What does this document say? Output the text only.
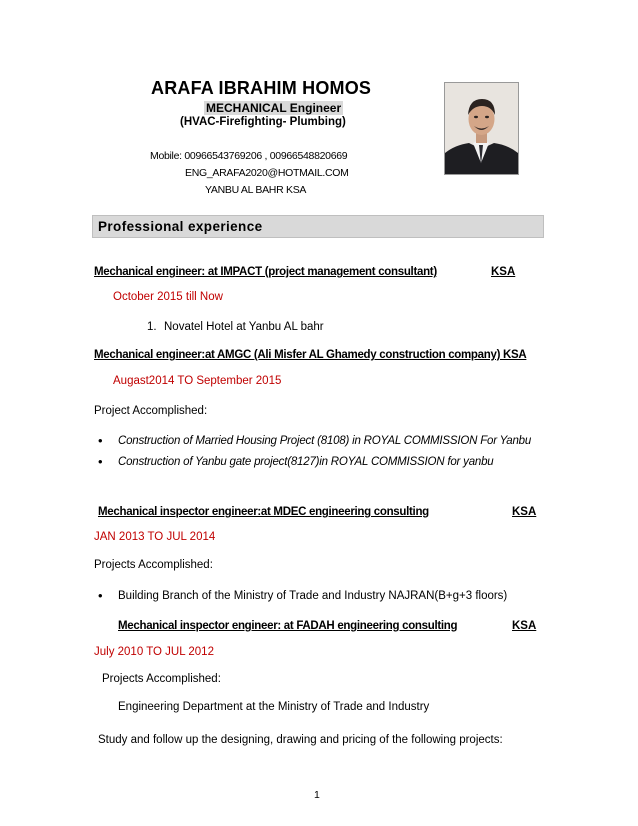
ARAFA IBRAHIM HOMOS
MECHANICAL Engineer
(HVAC-Firefighting- Plumbing)
Mobile: 00966543769206 , 00966548820669
ENG_ARAFA2020@HOTMAIL.COM
YANBU AL BAHR KSA
Professional experience
Mechanical engineer: at IMPACT (project management consultant)	KSA
October 2015 till Now
1. Novatel Hotel at Yanbu AL bahr
Mechanical engineer:at AMGC (Ali Misfer AL Ghamedy construction company) KSA
Augast2014 TO September 2015
Project Accomplished:
• Construction of Married Housing Project (8108) in ROYAL COMMISSION For Yanbu
• Construction of Yanbu gate project(8127)in ROYAL COMMISSION for yanbu
Mechanical inspector engineer:at MDEC engineering consulting	KSA
JAN 2013 TO JUL 2014
Projects Accomplished:
• Building Branch of the Ministry of Trade and Industry NAJRAN(B+g+3 floors)
Mechanical inspector engineer: at FADAH engineering consulting	KSA
July 2010 TO JUL 2012
Projects Accomplished:
Engineering Department at the Ministry of Trade and Industry
Study and follow up the designing, drawing and pricing of the following projects:
1
